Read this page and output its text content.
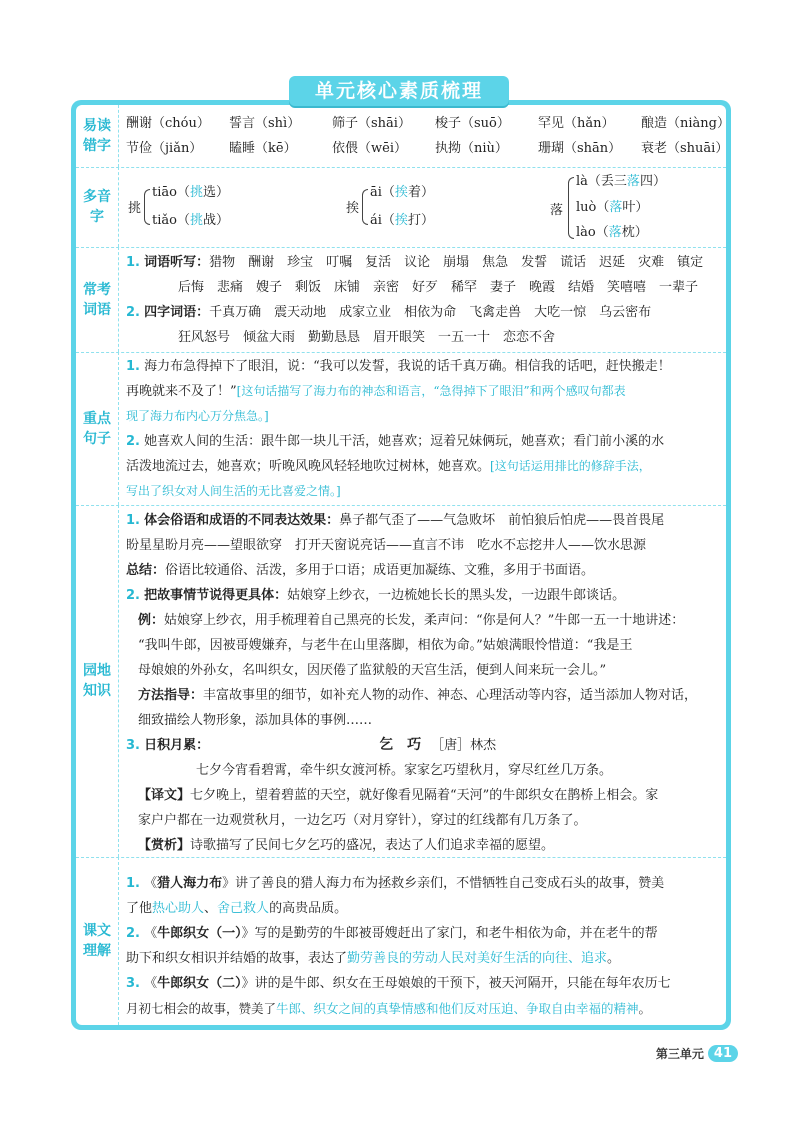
单元核心素质梳理
易读
错字
酬谢（chóu） 誓言（shì） 筛子（shāi） 梭子（suō） 罕见（hǎn） 酿造（niàng）
节俭（jiǎn） 瞌睡（kē）	依偎（wēi） 执拗（niù） 珊瑚（shān） 衰老（shuāi）
多音
字
挑
tiāo（挑选）
tiǎo（挑战）
挨
āi（挨着）
ái（挨打）
落
là（丢三落四）
luò（落叶）
lào（落枕）
常考
词语
1. 词语听写：猎物　酬谢　珍宝　叮嘱　复活　议论　崩塌　焦急　发誓　谎话　迟延　灾难　镇定
后悔　悲痛　嫂子　剩饭　床铺　亲密　好歹　稀罕　妻子　晚霞　结婚　笑嘻嘻　一辈子
2. 四字词语：千真万确　震天动地　成家立业　相依为命　飞禽走兽　大吃一惊　乌云密布
狂风怒号　倾盆大雨　勤勤恳恳　眉开眼笑　一五一十　恋恋不舍
重点
句子
1. 海力布急得掉下了眼泪，说：“我可以发誓，我说的话千真万确。相信我的话吧，赶快搬走！
再晚就来不及了！”[这句话描写了海力布的神态和语言，“急得掉下了眼泪”和两个感叹句都表
现了海力布内心万分焦急。]
2. 她喜欢人间的生活：跟牛郎一块儿干活，她喜欢；逗着兄妹俩玩，她喜欢；看门前小溪的水
活泼地流过去，她喜欢；听晚风晚风轻轻地吹过树林，她喜欢。[这句话运用排比的修辞手法，
写出了织女对人间生活的无比喜爱之情。]
园地
知识
1. 体会俗语和成语的不同表达效果：鼻子都气歪了——气急败坏　前怕狼后怕虎——畏首畏尾
盼星星盼月亮——望眼欲穿　打开天窗说亮话——直言不讳　吃水不忘挖井人——饮水思源
总结：俗语比较通俗、活泼，多用于口语；成语更加凝练、文雅，多用于书面语。
2. 把故事情节说得更具体：姑娘穿上纱衣，一边梳她长长的黑头发，一边跟牛郎谈话。
例：姑娘穿上纱衣，用手梳理着自己黑亮的长发，柔声问：“你是何人？”牛郎一五一十地讲述：
“我叫牛郎，因被哥嫂嫌弃，与老牛在山里落脚，相依为命。”姑娘满眼怜惜道：“我是王
母娘娘的外孙女，名叫织女，因厌倦了监狱般的天宫生活，便到人间来玩一会儿。”
方法指导：丰富故事里的细节，如补充人物的动作、神态、心理活动等内容，适当添加人物对话，
细致描绘人物形象，添加具体的事例……
3. 日积月累：	乞　巧 ［唐］林杰
七夕今宵看碧霄，牵牛织女渡河桥。家家乞巧望秋月，穿尽红丝几万条。
【译文】七夕晚上，望着碧蓝的天空，就好像看见隔着“天河”的牛郎织女在鹊桥上相会。家
家户户都在一边观赏秋月，一边乞巧（对月穿针），穿过的红线都有几万条了。
【赏析】诗歌描写了民间七夕乞巧的盛况，表达了人们追求幸福的愿望。
课文
理解
1. 《猎人海力布》讲了善良的猎人海力布为拯救乡亲们，不惜牺牲自己变成石头的故事，赞美
了他热心助人、舍己救人的高贵品质。
2. 《牛郎织女（一）》写的是勤劳的牛郎被哥嫂赶出了家门，和老牛相依为命，并在老牛的帮
助下和织女相识并结婚的故事，表达了勤劳善良的劳动人民对美好生活的向往、追求。
3. 《牛郎织女（二）》讲的是牛郎、织女在王母娘娘的干预下，被天河隔开，只能在每年农历七
月初七相会的故事，赞美了牛郎、织女之间的真挚情感和他们反对压迫、争取自由幸福的精神。
第三单元 41
